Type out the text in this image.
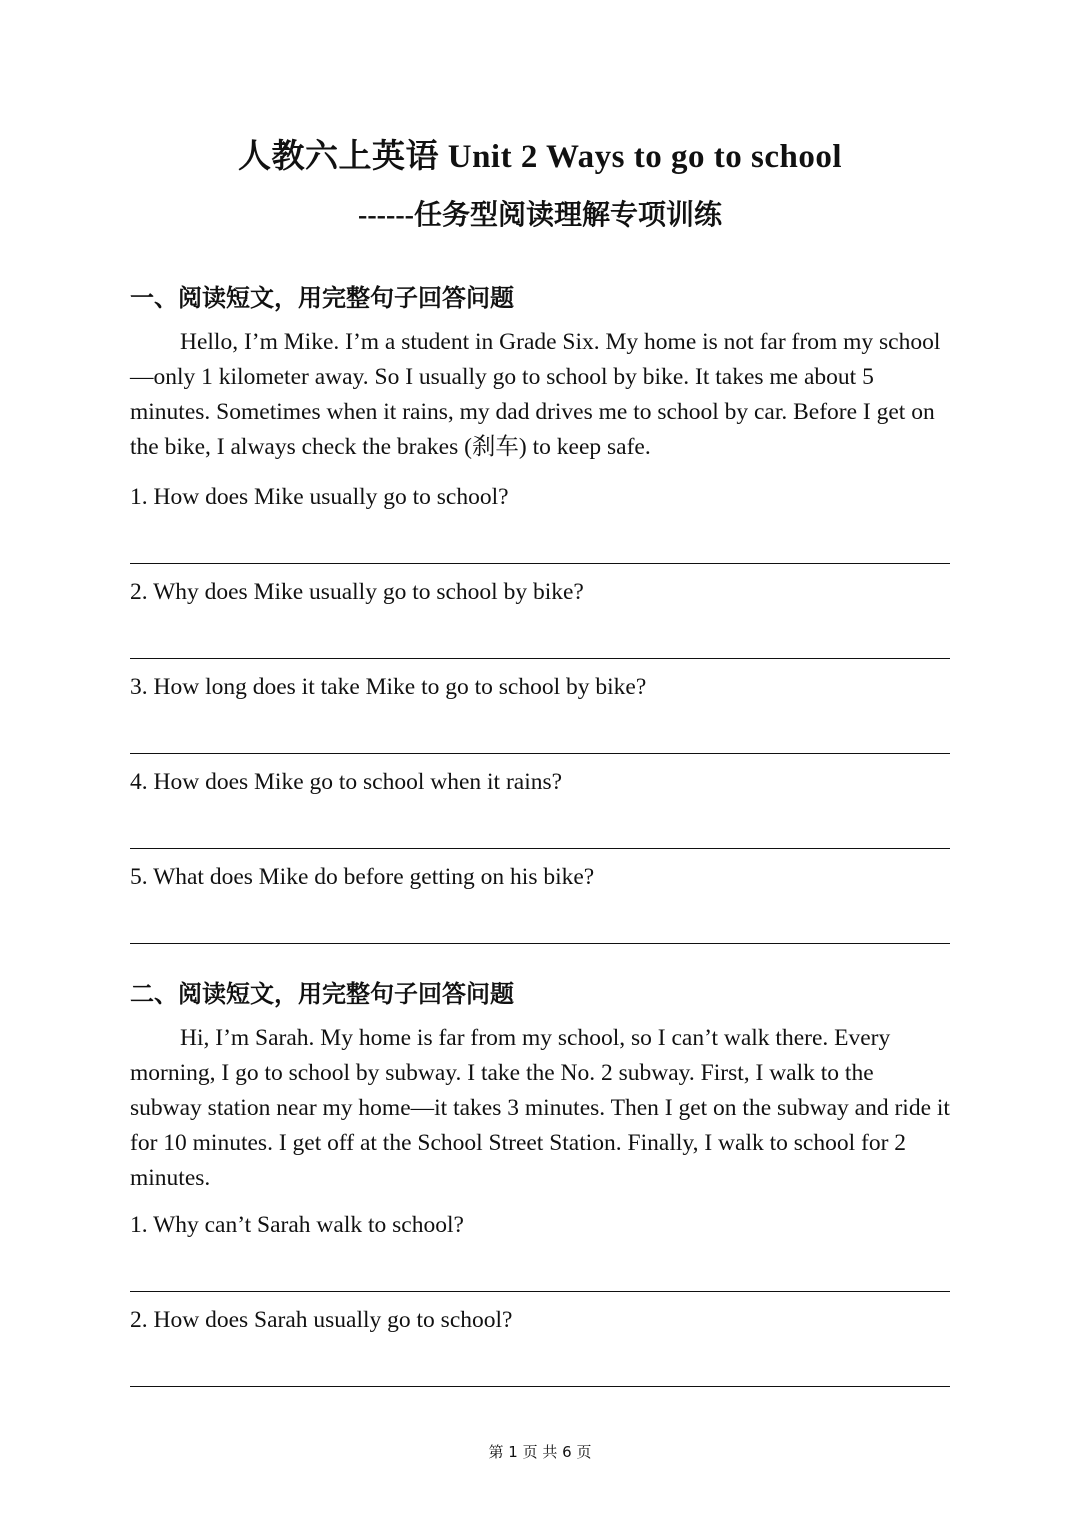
人教六上英语 Unit 2 Ways to go to school
------任务型阅读理解专项训练
一、阅读短文，用完整句子回答问题
Hello, I’m Mike. I’m a student in Grade Six. My home is not far from my school—only 1 kilometer away. So I usually go to school by bike. It takes me about 5 minutes. Sometimes when it rains, my dad drives me to school by car. Before I get on the bike, I always check the brakes (刹车) to keep safe.
1. How does Mike usually go to school?
2. Why does Mike usually go to school by bike?
3. How long does it take Mike to go to school by bike?
4. How does Mike go to school when it rains?
5. What does Mike do before getting on his bike?
二、阅读短文，用完整句子回答问题
Hi, I’m Sarah. My home is far from my school, so I can’t walk there. Every morning, I go to school by subway. I take the No. 2 subway. First, I walk to the subway station near my home—it takes 3 minutes. Then I get on the subway and ride it for 10 minutes. I get off at the School Street Station. Finally, I walk to school for 2 minutes.
1. Why can’t Sarah walk to school?
2. How does Sarah usually go to school?
第 1 页 共 6 页
